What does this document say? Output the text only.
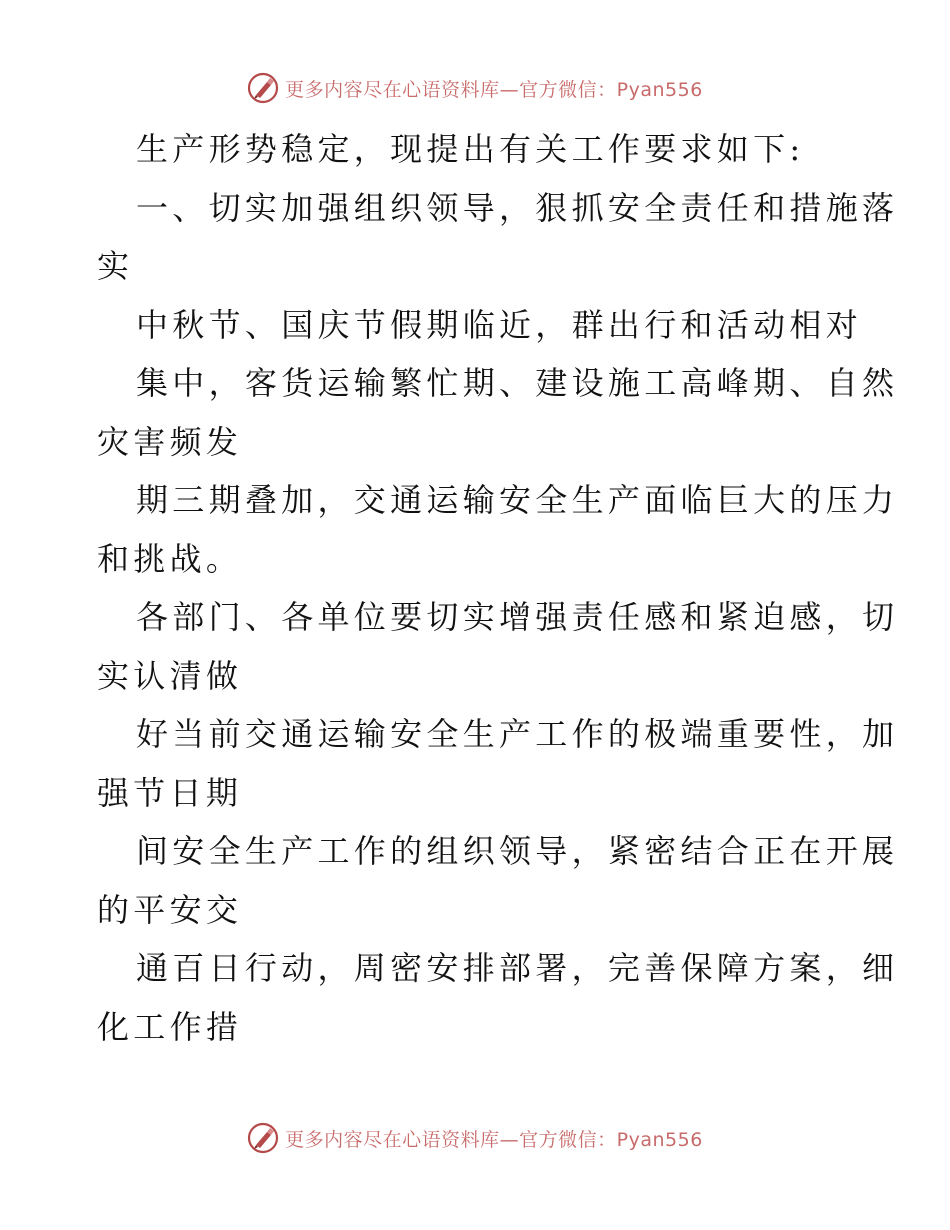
更多内容尽在心语资料库—官方微信：Pyan556

生产形势稳定，现提出有关工作要求如下:

一、切实加强组织领导，狠抓安全责任和措施落

实

中秋节、国庆节假期临近，群出行和活动相对

集中，客货运输繁忙期、建设施工高峰期、自然

灾害频发

期三期叠加，交通运输安全生产面临巨大的压力

和挑战。

各部门、各单位要切实增强责任感和紧迫感，切

实认清做

好当前交通运输安全生产工作的极端重要性，加

强节日期

间安全生产工作的组织领导，紧密结合正在开展

的平安交

通百日行动，周密安排部署，完善保障方案，细

化工作措

更多内容尽在心语资料库—官方微信：Pyan556
